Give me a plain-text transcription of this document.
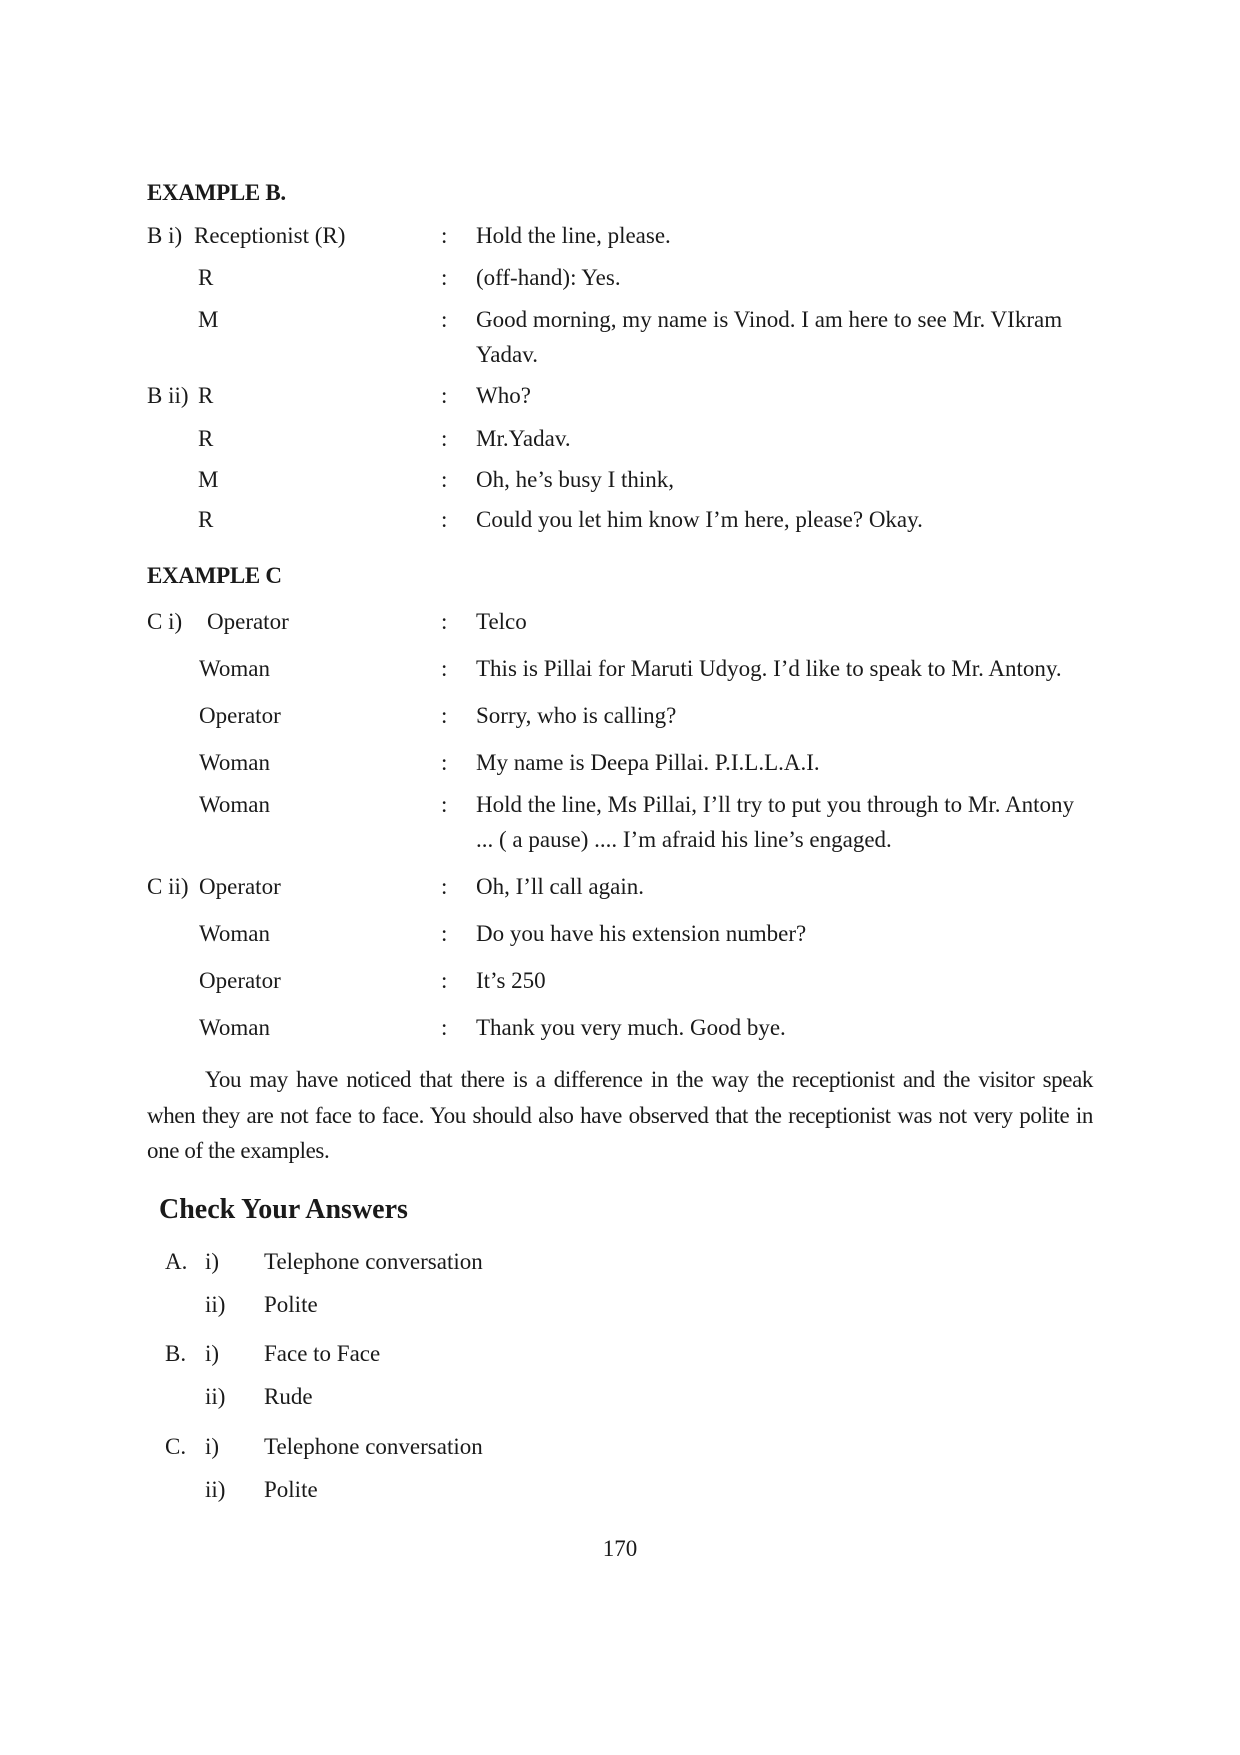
EXAMPLE B.
B i) Receptionist (R)	: Hold the line, please.
R	: (off-hand): Yes.
M	: Good morning, my name is Vinod. I am here to see Mr. VIkram Yadav.
B ii) R	: Who?
R	: Mr.Yadav.
M	: Oh, he’s busy I think,
R	: Could you let him know I’m here, please? Okay.
EXAMPLE C
C i) Operator	: Telco
Woman	: This is Pillai for Maruti Udyog. I’d like to speak to Mr. Antony.
Operator	: Sorry, who is calling?
Woman	: My name is Deepa Pillai. P.I.L.L.A.I.
Woman	: Hold the line, Ms Pillai, I’ll try to put you through to Mr. Antony ... ( a pause) .... I’m afraid his line’s engaged.
C ii) Operator	: Oh, I’ll call again.
Woman	: Do you have his extension number?
Operator	: It’s 250
Woman	: Thank you very much. Good bye.

You may have noticed that there is a difference in the way the receptionist and the visitor speak when they are not face to face. You should also have observed that the receptionist was not very polite in one of the examples.

Check Your Answers
A. i) Telephone conversation
ii) Polite
B. i) Face to Face
ii) Rude
C. i) Telephone conversation
ii) Polite
170
